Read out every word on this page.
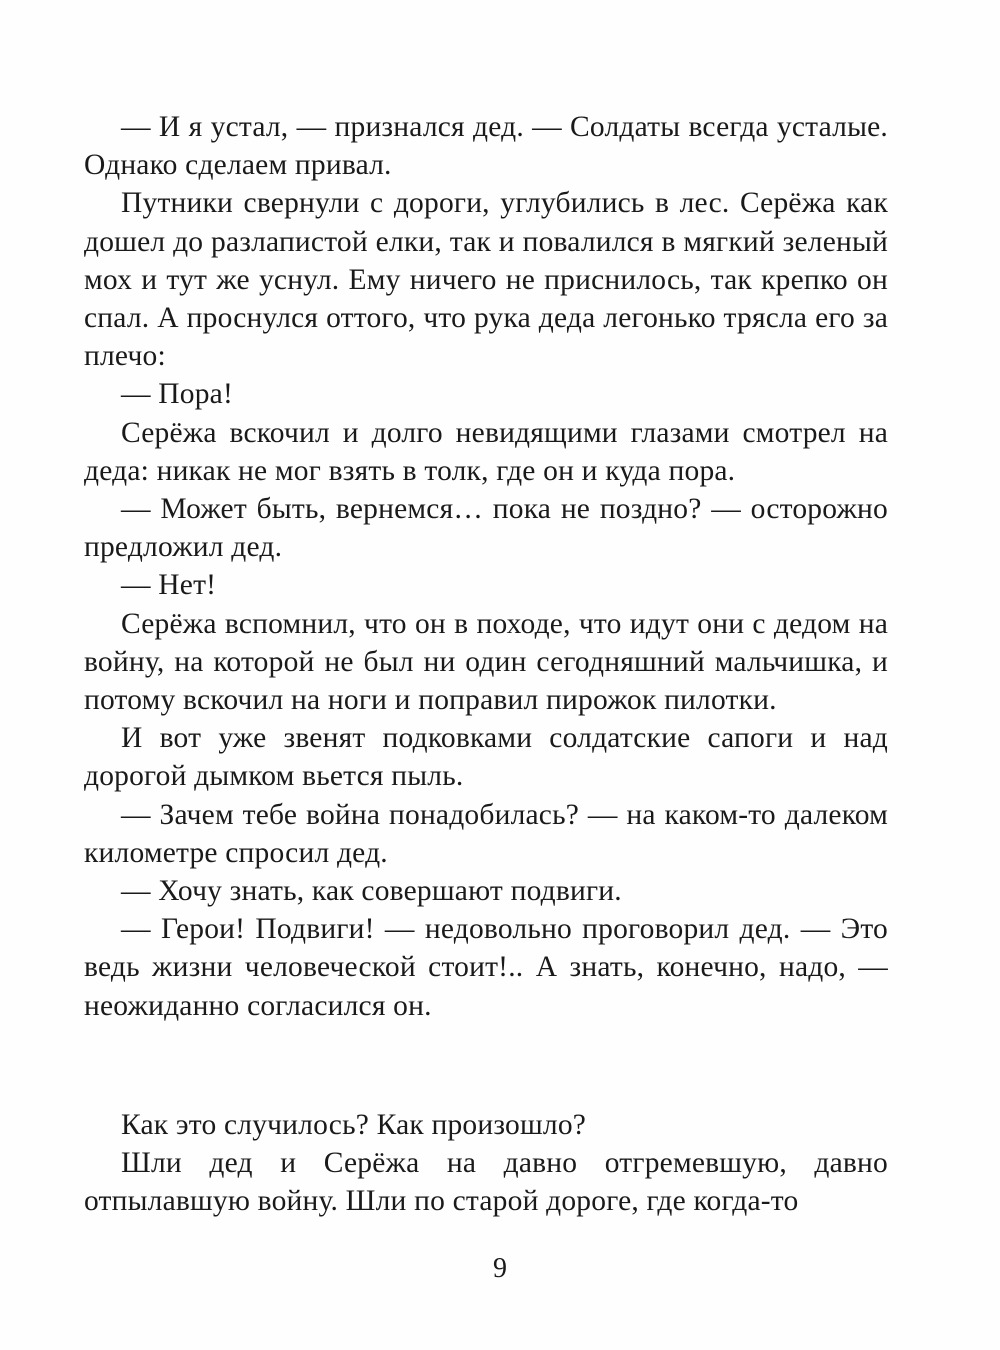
— И я устал, — признался дед. — Солдаты всегда усталые. Однако сделаем привал.

Путники свернули с дороги, углубились в лес. Серёжа как дошел до разлапистой елки, так и повалился в мягкий зеленый мох и тут же уснул. Ему ничего не приснилось, так крепко он спал. А проснулся оттого, что рука деда легонько трясла его за плечо:

— Пора!

Серёжа вскочил и долго невидящими глазами смотрел на деда: никак не мог взять в толк, где он и куда пора.

— Может быть, вернемся… пока не поздно? — осторожно предложил дед.

— Нет!

Серёжа вспомнил, что он в походе, что идут они с дедом на войну, на которой не был ни один сегодняшний мальчишка, и потому вскочил на ноги и поправил пирожок пилотки.

И вот уже звенят подковками солдатские сапоги и над дорогой дымком вьется пыль.

— Зачем тебе война понадобилась? — на каком-то далеком километре спросил дед.

— Хочу знать, как совершают подвиги.

— Герои! Подвиги! — недовольно проговорил дед. — Это ведь жизни человеческой стоит!.. А знать, конечно, надо, — неожиданно согласился он.

Как это случилось? Как произошло?

Шли дед и Серёжа на давно отгремевшую, давно отпылавшую войну. Шли по старой дороге, где когда-то

9
